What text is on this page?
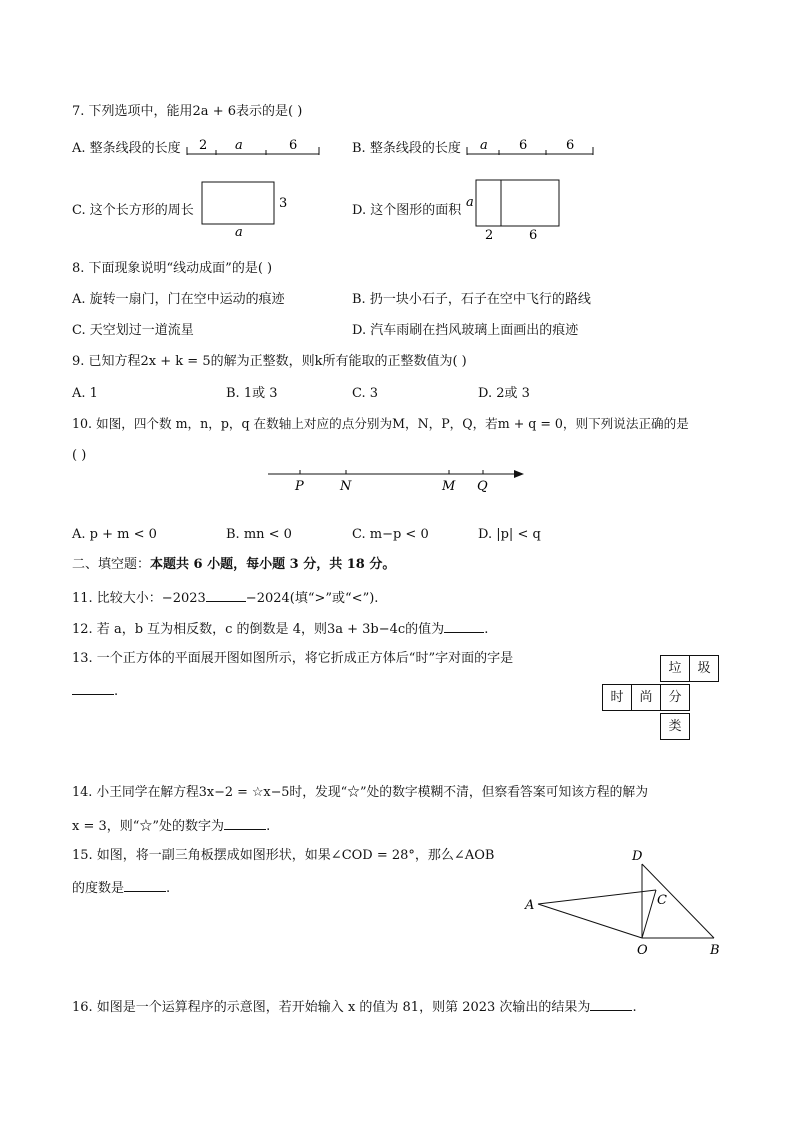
7. 下列选项中，能用2a + 6表示的是( )
A. 整条线段的长度 2 a	6	B. 整条线段的长度 a 6	6
C. 这个长方形的周长	3
a
D. 这个图形的面积
a
2	6
8. 下面现象说明“线动成面”的是( )
A. 旋转一扇门，门在空中运动的痕迹	B. 扔一块小石子，石子在空中飞行的路线
C. 天空划过一道流星	D. 汽车雨刷在挡风玻璃上面画出的痕迹
9. 已知方程2x + k = 5的解为正整数，则k所有能取的正整数值为( )
A. 1	B. 1或 3	C. 3	D. 2或 3
10. 如图，四个数 m，n，p，q 在数轴上对应的点分别为M，N，P，Q，若m + q = 0，则下列说法正确的是
( )
P	N	M Q
A. p + m < 0	B. mn < 0	C. m−p < 0	D. |p| < q
二、填空题：本题共 6 小题，每小题 3 分，共 18 分。
11. 比较大小：−2023	−2024(填“>”或“<”).
12. 若 a，b 互为相反数，c 的倒数是 4，则3a + 3b−4c的值为	.
13. 一个正方体的平面展开图如图所示，将它折成正方体后“时”字对面的字是
.
垃	圾
时	尚	分
类
14. 小王同学在解方程3x−2 = ☆x−5时，发现“☆”处的数字模糊不清，但察看答案可知该方程的解为
x = 3，则“☆”处的数字为	.
15. 如图，将一副三角板摆成如图形状，如果∠COD = 28°，那么∠AOB
的度数是	.
D
C
A
O	B
16. 如图是一个运算程序的示意图，若开始输入 x 的值为 81，则第 2023 次输出的结果为	.
